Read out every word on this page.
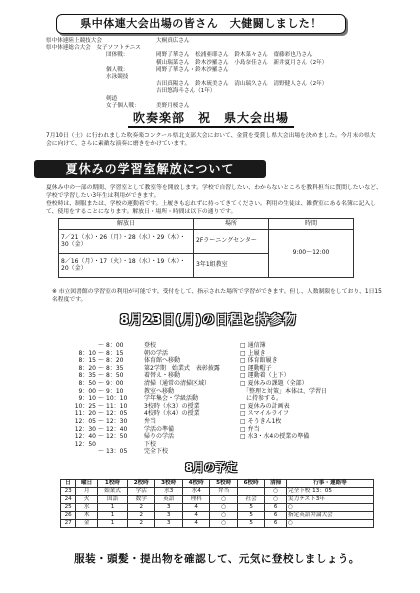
県中体連大会出場の皆さん　大健闘しました！
県中体連陸上競技大会	大桐真広さん
県中体連総合大会　女子ソフトテニス
団体戦：	岡野了華さん　松浦亜耶さん　鈴木菜々さん　齋藤彩也乃さん
横山瑞菜さん　鈴木沙羅さん　小島奈佳さん　新井夏月さん（2年）
個人戦：	岡野了華さん・鈴木沙羅さん
水泳競技
吉田真陽さん　鈴木琉美さん　清山瑞久さん　清野健人さん（2年）
吉田悠海斗さん（1年）
剣道
女子個人戦：	美野月桜さん
吹奏楽部　祝　県大会出場
7月10日（土）に行われました吹奏楽コンクール県北支部大会において、金賞を受賞し県大会出場を決めました。今月末の県大会に向けて、さらに素敵な演奏に磨きをかけています。
夏休みの学習室解放について
夏休み中の一部の期間、学習室として教室等を開放します。学校で自習したい、わからないところを教科担当に質問したいなど、学校で学習したい3年生は利用ができます。
登校時は、制服または、学校の運動着です。上履きも忘れずに持ってきてください。利用の生徒は、雑費室にある名簿に記入して、使用をすることになります。解放日・場所・時間は以下の通りです。
解放日	場所	時間
7／21（水）・26（月）・28（水）・29（木）・30（金）	2Fラーニングセンター	9:00〜12:00
8／16（月）・17（火）・18（水）・19（木）・20（金）	3年1組教室	
※ 市立図書館の学習室の利用が可能です。受付をして、指示された場所で学習ができます。但し、人数制限をしており、1日15名程度です。
8月23日(月)の日程と持参物
〜 8：00	登校
8：10 〜 8：15	朝の学活
8：15 〜 8：20	体育館へ移動
8：20 〜 8：35	第2学期　始業式　表彰披露
8：35 〜 8：50	着替え・移動
8：50 〜 9：00	清掃（通常の清掃区域）
9：00 〜 9：10	教室へ移動
9：10 〜 10：10	学年集会・学級活動
10：25 〜 11：10	3校時（水3）の授業
11：20 〜 12：05	4校時（水4）の授業
12：05 〜 12：30	弁当
12：30 〜 12：40	学活の準備
12：40 〜 12：50	帰りの学活
12：50	下校
〜 13：05	完全下校
□ 通信簿
□ 上履き
□ 体育館履き
□ 運動帽子
□ 運動着（上下）
□ 夏休みの課題（全部）
　「整理と対策」本体は、学習日
　に持参する。
□ 夏休みの計画表
□ スマイルライフ
□ そうきん1枚
□ 弁当
□ 水3・水4の授業の準備
8月の予定
日	曜日	1校時	2校時	3校時	4校時	5校時	6校時	清掃	行事・連絡等
23	月	始業式	学活	水3	水4	弁当		○	完全下校 13：05
24	火	国語	数学	英語	理科	○	社会	○	実力テスト3年
25	水	1	2	3	4	○	5	6	○
26	木	1	2	3	4	○	5	6	指定英語弁論大会
27	金	1	2	3	4	○	5	6	○
服装・頭髪・提出物を確認して、元気に登校しましょう。
